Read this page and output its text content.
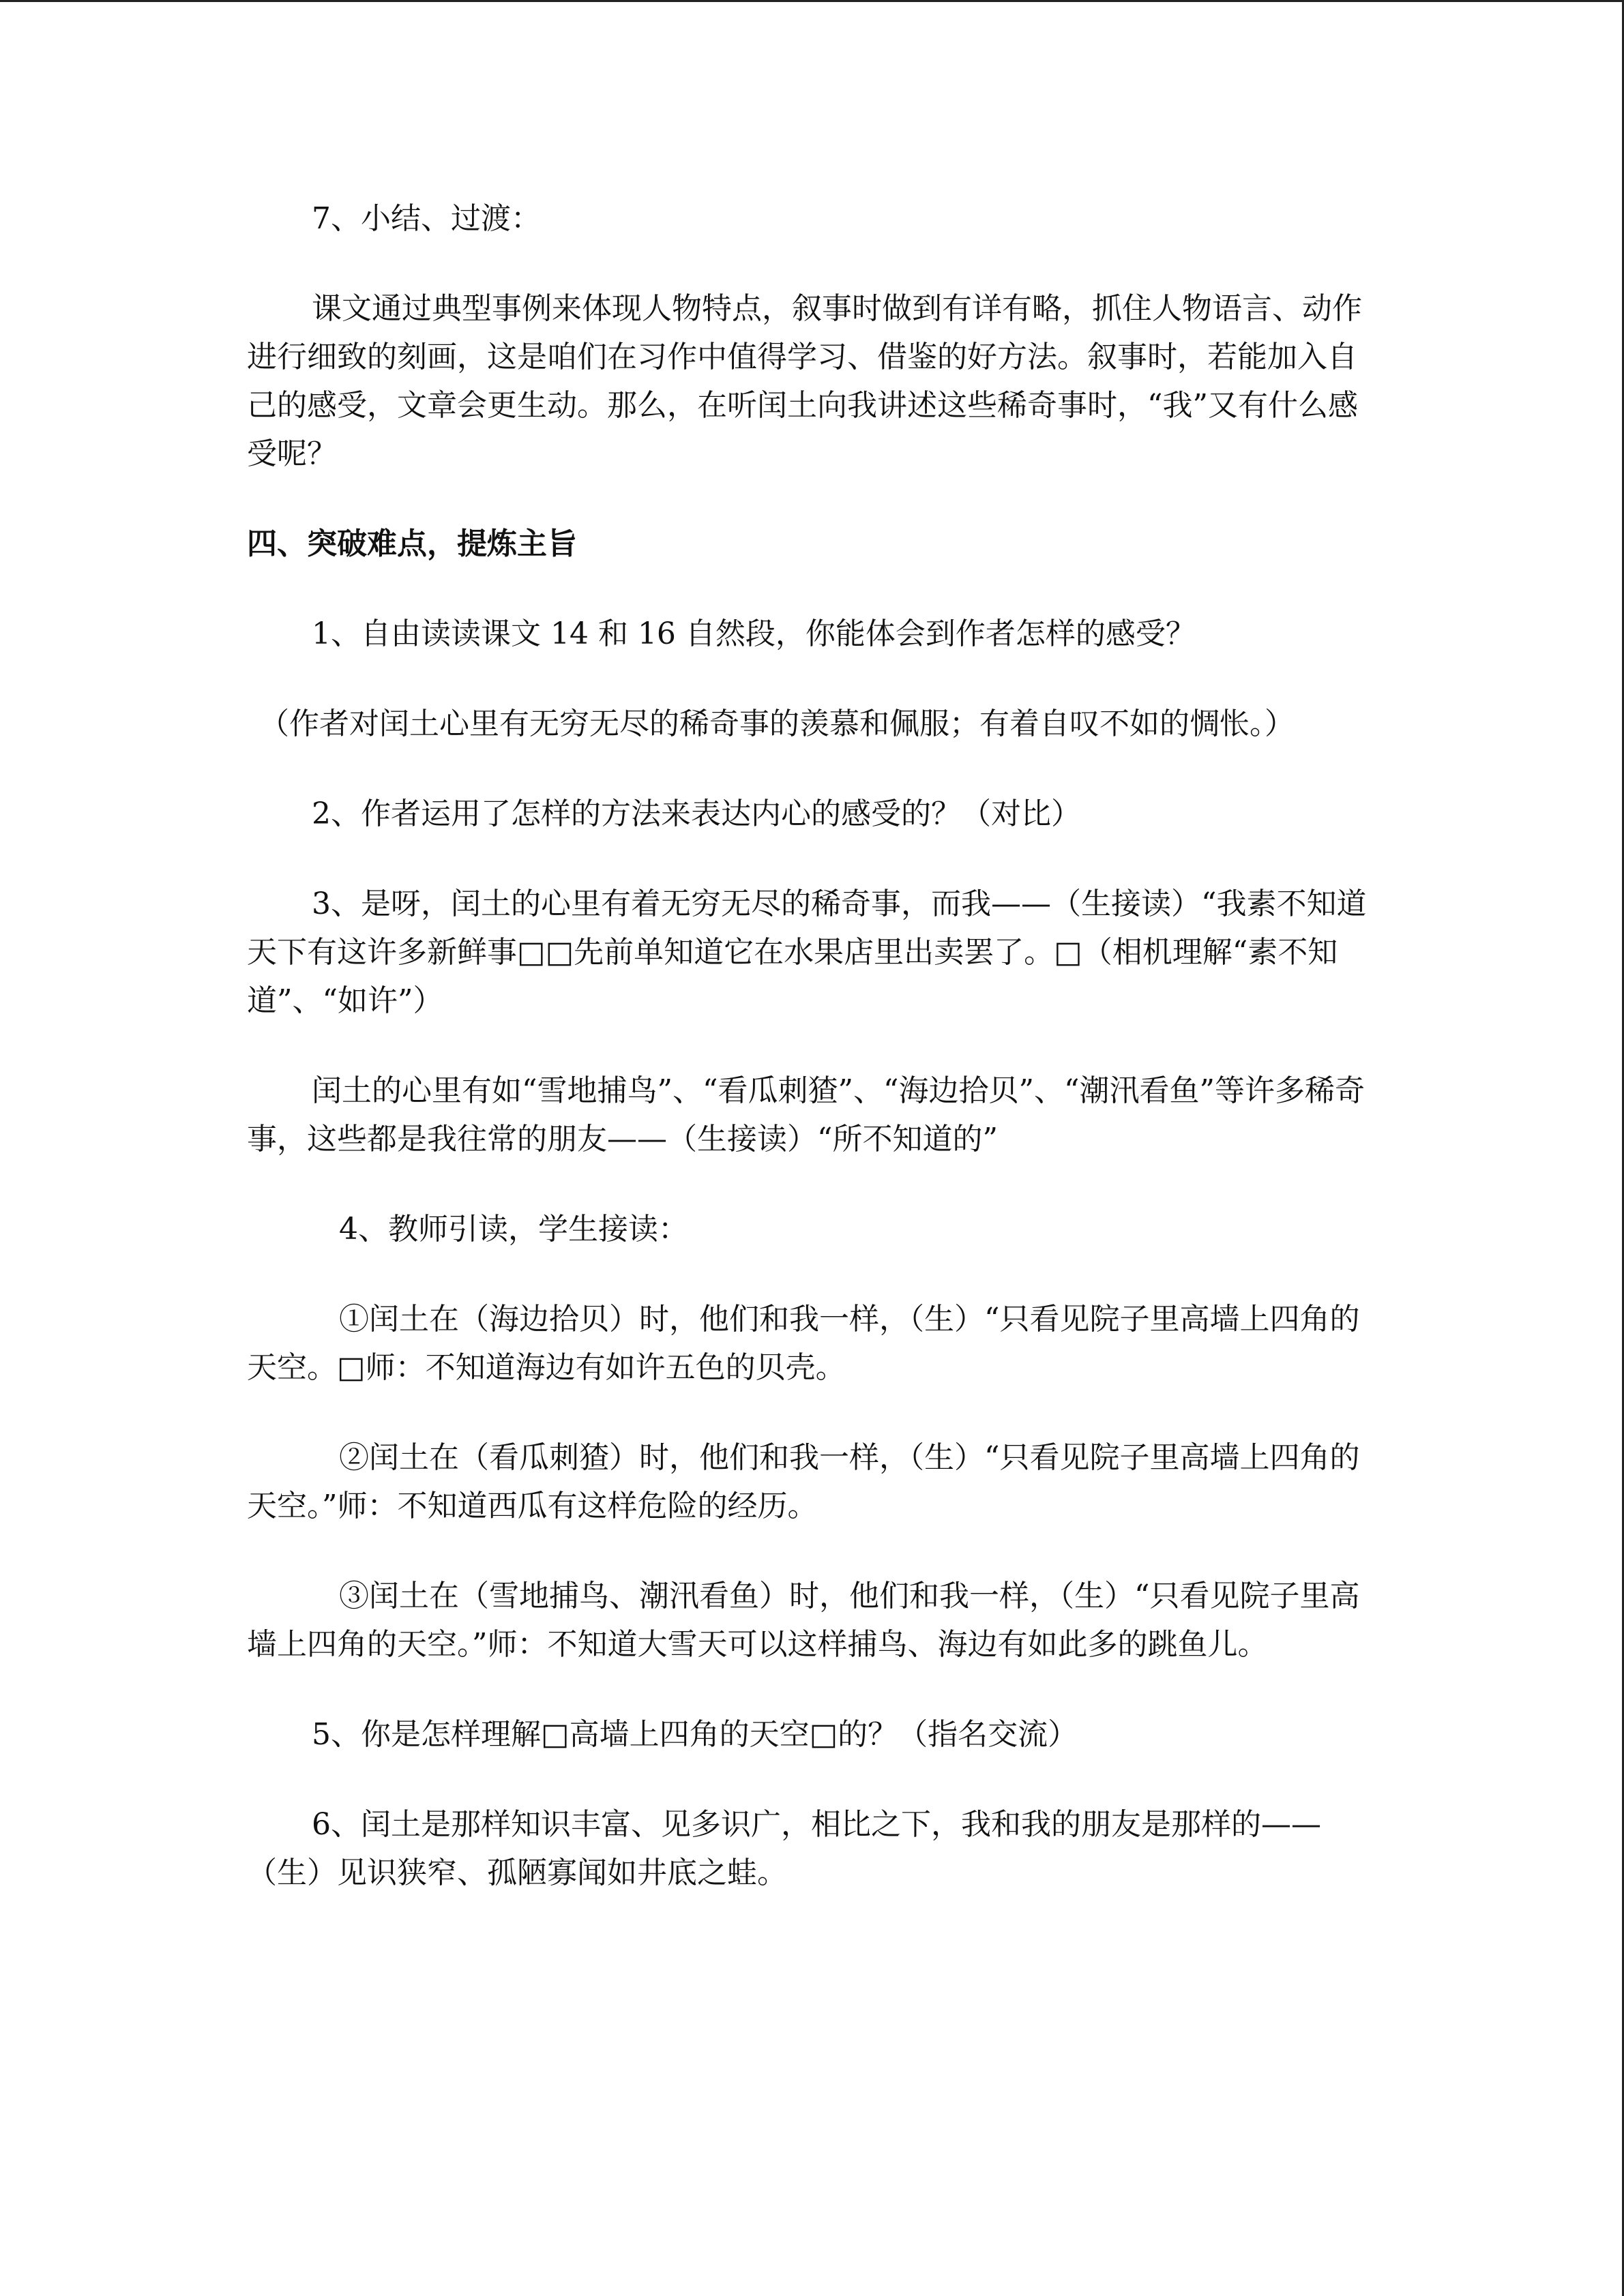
7、小结、过渡：

课文通过典型事例来体现人物特点，叙事时做到有详有略，抓住人物语言、动作进行细致的刻画，这是咱们在习作中值得学习、借鉴的好方法。叙事时，若能加入自己的感受，文章会更生动。那么，在听闰土向我讲述这些稀奇事时，“我”又有什么感受呢？

四、突破难点，提炼主旨

1、自由读读课文 14 和 16 自然段，你能体会到作者怎样的感受？

（作者对闰土心里有无穷无尽的稀奇事的羡慕和佩服；有着自叹不如的惆怅。）

2、作者运用了怎样的方法来表达内心的感受的？（对比）

3、是呀，闰土的心里有着无穷无尽的稀奇事，而我——（生接读）“我素不知道天下有这许多新鲜事□□先前单知道它在水果店里出卖罢了。□（相机理解“素不知道”、“如许”）

闰土的心里有如“雪地捕鸟”、“看瓜刺猹”、“海边拾贝”、“潮汛看鱼”等许多稀奇事，这些都是我往常的朋友——（生接读）“所不知道的”

4、教师引读，学生接读：

①闰土在（海边拾贝）时，他们和我一样，（生）“只看见院子里高墙上四角的天空。□师：不知道海边有如许五色的贝壳。

②闰土在（看瓜刺猹）时，他们和我一样，（生）“只看见院子里高墙上四角的天空。”师：不知道西瓜有这样危险的经历。

③闰土在（雪地捕鸟、潮汛看鱼）时，他们和我一样，（生）“只看见院子里高墙上四角的天空。”师：不知道大雪天可以这样捕鸟、海边有如此多的跳鱼儿。

5、你是怎样理解□高墙上四角的天空□的？（指名交流）

6、闰土是那样知识丰富、见多识广，相比之下，我和我的朋友是那样的——（生）见识狭窄、孤陋寡闻如井底之蛙。
